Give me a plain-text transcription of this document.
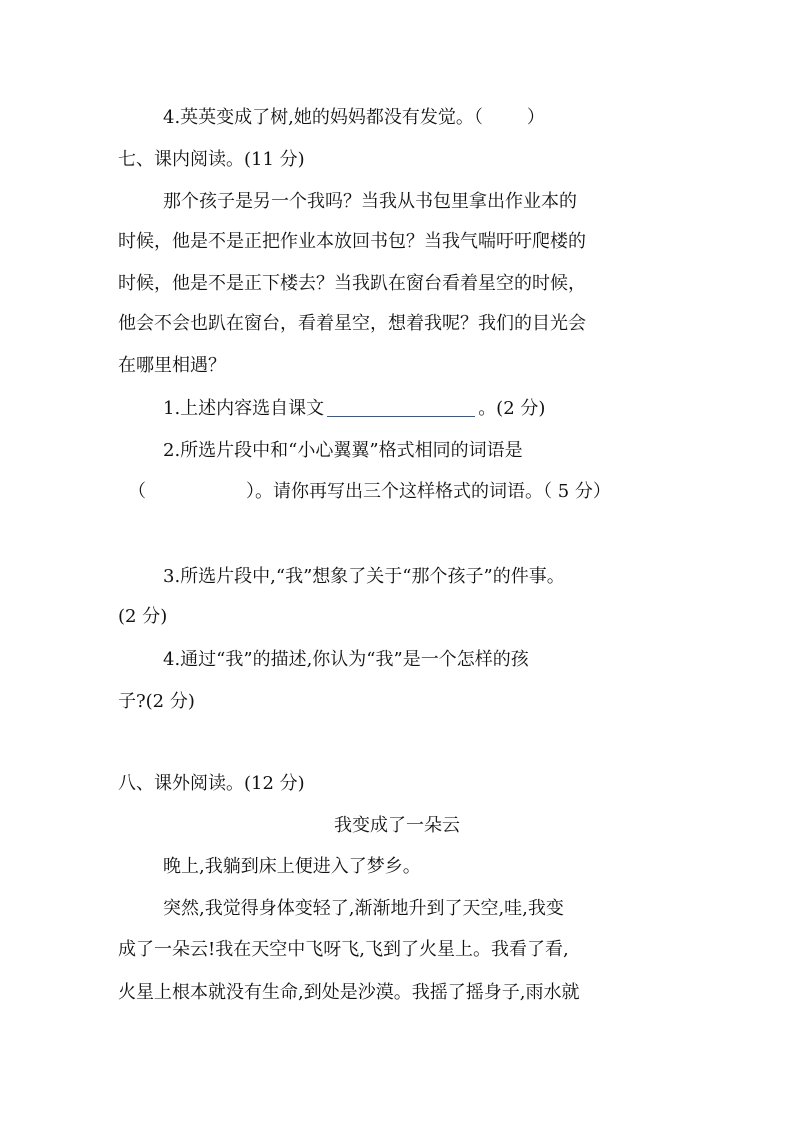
4.英英变成了树,她的妈妈都没有发觉。（ ）
七、课内阅读。(11 分)
那个孩子是另一个我吗？当我从书包里拿出作业本的
时候，他是不是正把作业本放回书包？当我气喘吁吁爬楼的
时候，他是不是正下楼去？当我趴在窗台看着星空的时候，
他会不会也趴在窗台，看着星空，想着我呢？我们的目光会
在哪里相遇？
1.上述内容选自课文	。(2 分)
2.所选片段中和“小心翼翼”格式相同的词语是
（	）。请你再写出三个这样格式的词语。（ 5 分）
3.所选片段中,“我”想象了关于“那个孩子”的件事。
(2 分)
4.通过“我”的描述,你认为“我”是一个怎样的孩
子?(2 分)
八、课外阅读。(12 分)
我变成了一朵云
晚上,我躺到床上便进入了梦乡。
突然,我觉得身体变轻了,渐渐地升到了天空,哇,我变
成了一朵云!我在天空中飞呀飞,飞到了火星上。我看了看,
火星上根本就没有生命,到处是沙漠。我摇了摇身子,雨水就
